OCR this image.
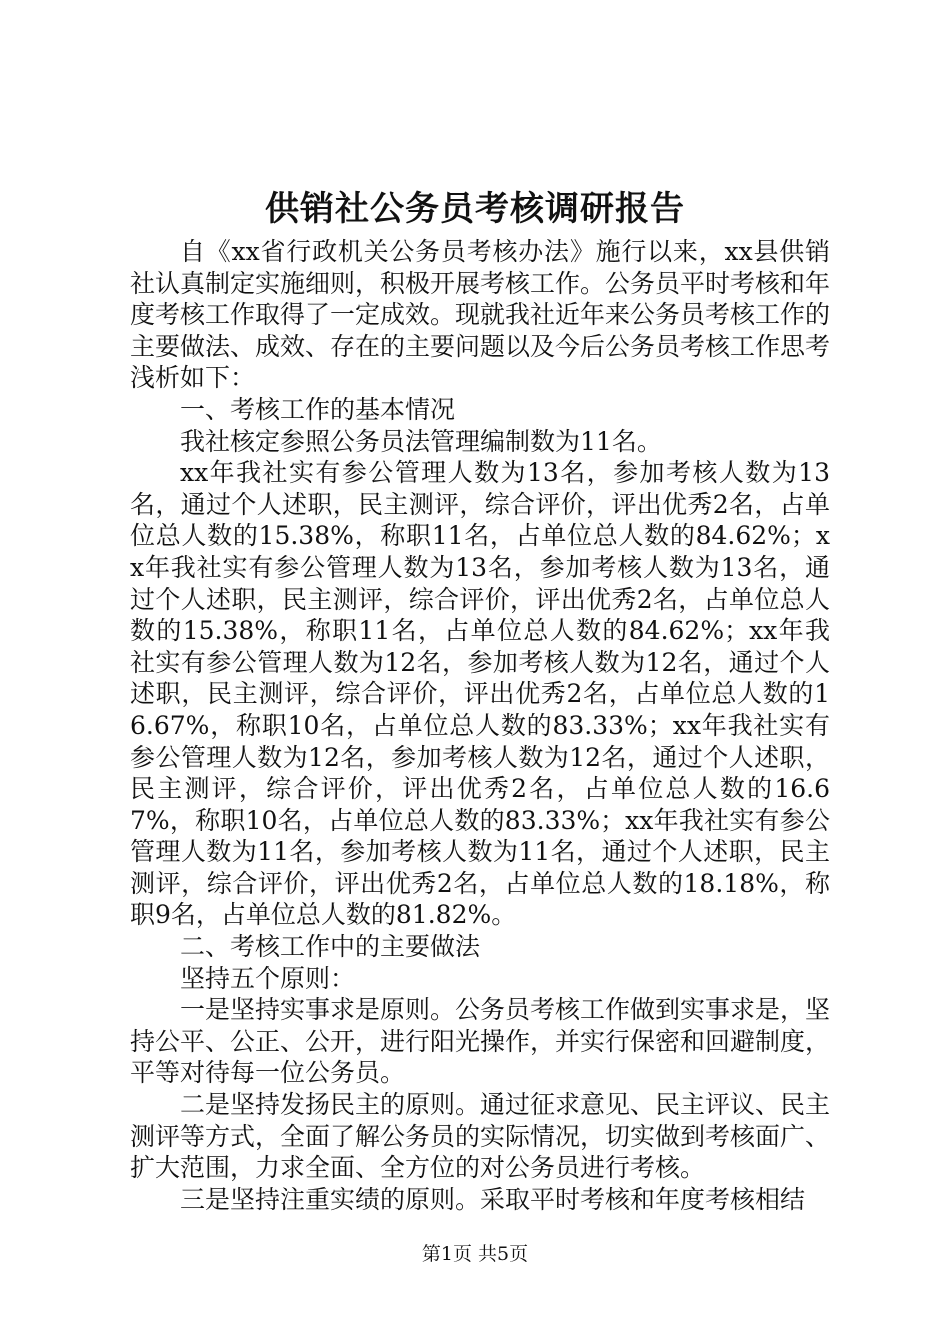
供销社公务员考核调研报告

自《xx省行政机关公务员考核办法》施行以来，xx县供销社认真制定实施细则，积极开展考核工作。公务员平时考核和年度考核工作取得了一定成效。现就我社近年来公务员考核工作的主要做法、成效、存在的主要问题以及今后公务员考核工作思考浅析如下：

一、考核工作的基本情况

我社核定参照公务员法管理编制数为11名。

xx年我社实有参公管理人数为13名，参加考核人数为13名，通过个人述职，民主测评，综合评价，评出优秀2名，占单位总人数的15.38%，称职11名，占单位总人数的84.62%；xx年我社实有参公管理人数为13名，参加考核人数为13名，通过个人述职，民主测评，综合评价，评出优秀2名，占单位总人数的15.38%，称职11名，占单位总人数的84.62%；xx年我社实有参公管理人数为12名，参加考核人数为12名，通过个人述职，民主测评，综合评价，评出优秀2名，占单位总人数的16.67%，称职10名，占单位总人数的83.33%；xx年我社实有参公管理人数为12名，参加考核人数为12名，通过个人述职，民主测评，综合评价，评出优秀2名，占单位总人数的16.67%，称职10名，占单位总人数的83.33%；xx年我社实有参公管理人数为11名，参加考核人数为11名，通过个人述职，民主测评，综合评价，评出优秀2名，占单位总人数的18.18%，称职9名，占单位总人数的81.82%。

二、考核工作中的主要做法

坚持五个原则：

一是坚持实事求是原则。公务员考核工作做到实事求是，坚持公平、公正、公开，进行阳光操作，并实行保密和回避制度，平等对待每一位公务员。

二是坚持发扬民主的原则。通过征求意见、民主评议、民主测评等方式，全面了解公务员的实际情况，切实做到考核面广、扩大范围，力求全面、全方位的对公务员进行考核。

三是坚持注重实绩的原则。采取平时考核和年度考核相结

第1页 共5页
